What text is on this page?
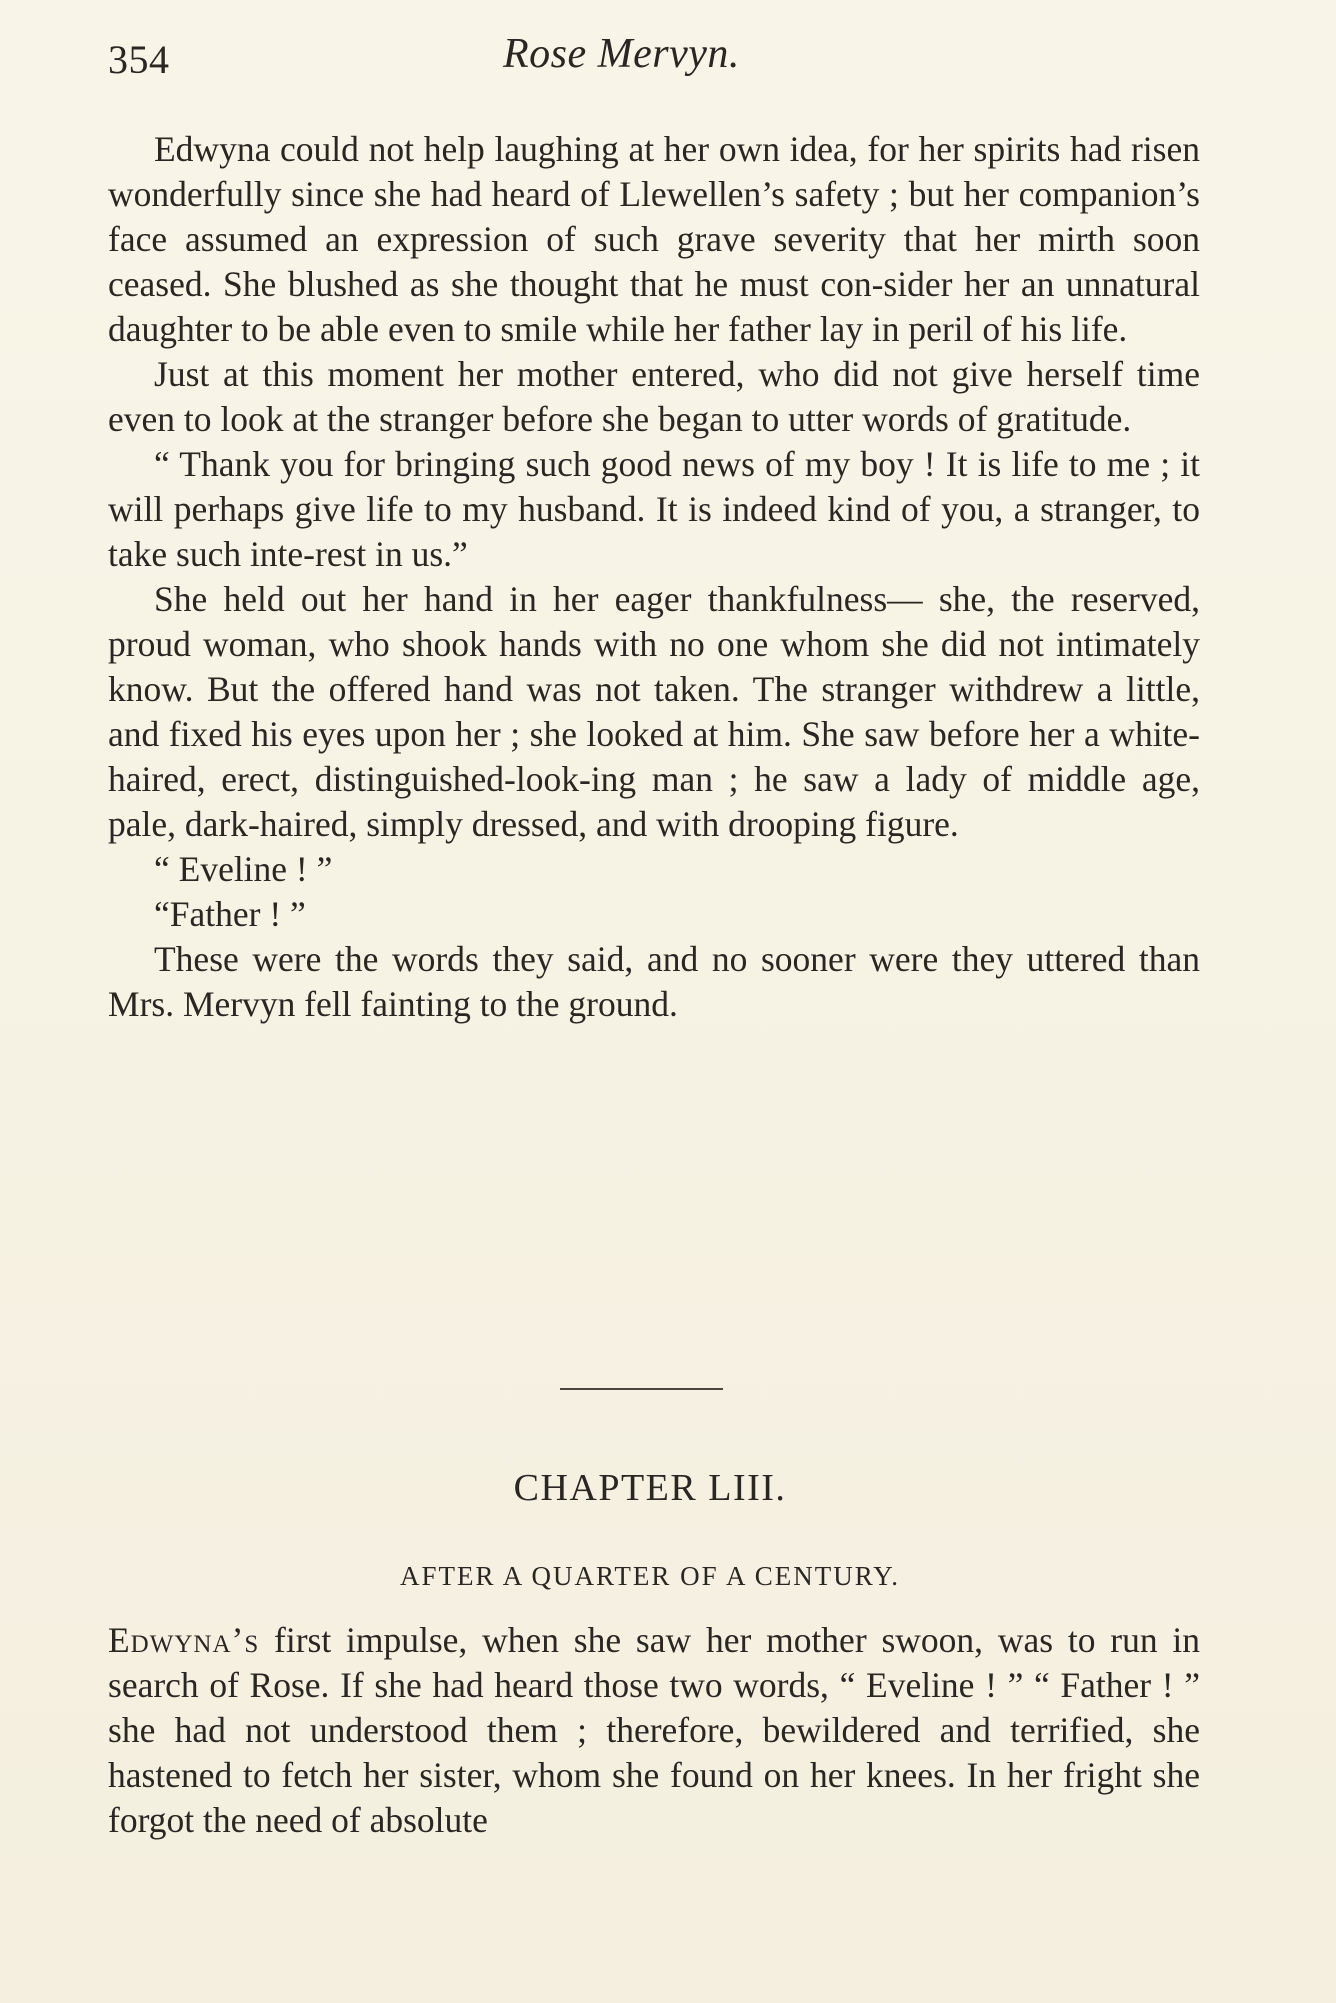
354	Rose Mervyn.

Edwyna could not help laughing at her own idea, for her spirits had risen wonderfully since she had heard of Llewellen’s safety ; but her companion’s face assumed an expression of such grave severity that her mirth soon ceased. She blushed as she thought that he must con-sider her an unnatural daughter to be able even to smile while her father lay in peril of his life.

Just at this moment her mother entered, who did not give herself time even to look at the stranger before she began to utter words of gratitude.

“ Thank you for bringing such good news of my boy ! It is life to me ; it will perhaps give life to my husband. It is indeed kind of you, a stranger, to take such inte-rest in us.”

She held out her hand in her eager thankfulness— she, the reserved, proud woman, who shook hands with no one whom she did not intimately know. But the offered hand was not taken. The stranger withdrew a little, and fixed his eyes upon her ; she looked at him. She saw before her a white-haired, erect, distinguished-look-ing man ; he saw a lady of middle age, pale, dark-haired, simply dressed, and with drooping figure.

“ Eveline ! ”

“Father ! ”

These were the words they said, and no sooner were they uttered than Mrs. Mervyn fell fainting to the ground.

CHAPTER LIII.
AFTER A QUARTER OF A CENTURY.

Edwyna’s first impulse, when she saw her mother swoon, was to run in search of Rose. If she had heard those two words, “ Eveline ! ” “ Father ! ” she had not understood them ; therefore, bewildered and terrified, she hastened to fetch her sister, whom she found on her knees. In her fright she forgot the need of absolute
